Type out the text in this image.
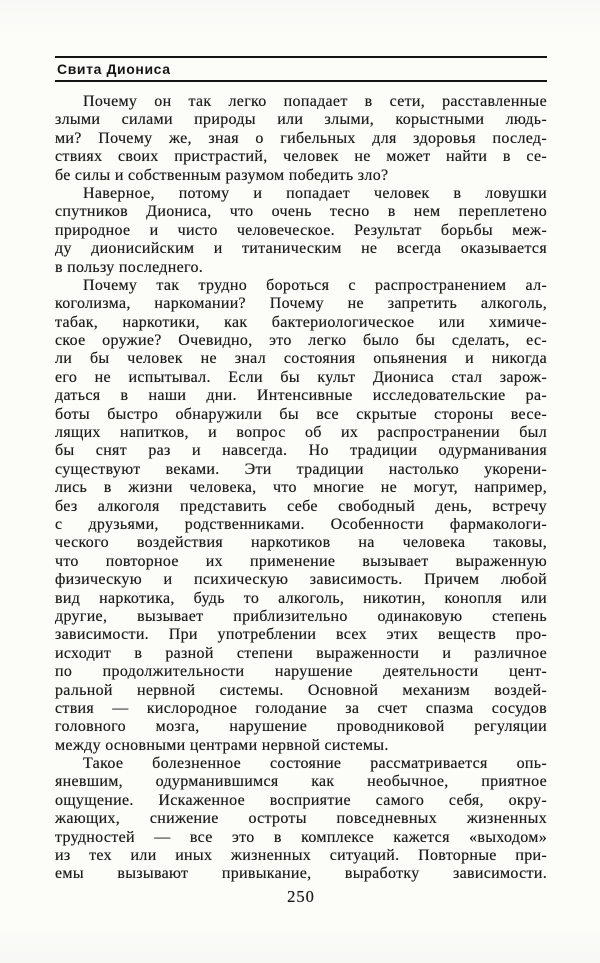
Свита Диониса
Почему он так легко попадает в сети, расставленные
злыми силами природы или злыми, корыстными людь-
ми? Почему же, зная о гибельных для здоровья послед-
ствиях своих пристрастий, человек не может найти в се-
бе силы и собственным разумом победить зло?
Наверное, потому и попадает человек в ловушки
спутников Диониса, что очень тесно в нем переплетено
природное и чисто человеческое. Результат борьбы меж-
ду дионисийским и титаническим не всегда оказывается
в пользу последнего.
Почему так трудно бороться с распространением ал-
коголизма, наркомании? Почему не запретить алкоголь,
табак, наркотики, как бактериологическое или химиче-
ское оружие? Очевидно, это легко было бы сделать, ес-
ли бы человек не знал состояния опьянения и никогда
его не испытывал. Если бы культ Диониса стал зарож-
даться в наши дни. Интенсивные исследовательские ра-
боты быстро обнаружили бы все скрытые стороны весе-
лящих напитков, и вопрос об их распространении был
бы снят раз и навсегда. Но традиции одурманивания
существуют веками. Эти традиции настолько укорени-
лись в жизни человека, что многие не могут, например,
без алкоголя представить себе свободный день, встречу
с друзьями, родственниками. Особенности фармакологи-
ческого воздействия наркотиков на человека таковы,
что повторное их применение вызывает выраженную
физическую и психическую зависимость. Причем любой
вид наркотика, будь то алкоголь, никотин, конопля или
другие, вызывает приблизительно одинаковую степень
зависимости. При употреблении всех этих веществ про-
исходит в разной степени выраженности и различное
по продолжительности нарушение деятельности цент-
ральной нервной системы. Основной механизм воздей-
ствия — кислородное голодание за счет спазма сосудов
головного мозга, нарушение проводниковой регуляции
между основными центрами нервной системы.
Такое болезненное состояние рассматривается опь-
яневшим, одурманившимся как необычное, приятное
ощущение. Искаженное восприятие самого себя, окру-
жающих, снижение остроты повседневных жизненных
трудностей — все это в комплексе кажется «выходом»
из тех или иных жизненных ситуаций. Повторные при-
емы вызывают привыкание, выработку зависимости.
250
